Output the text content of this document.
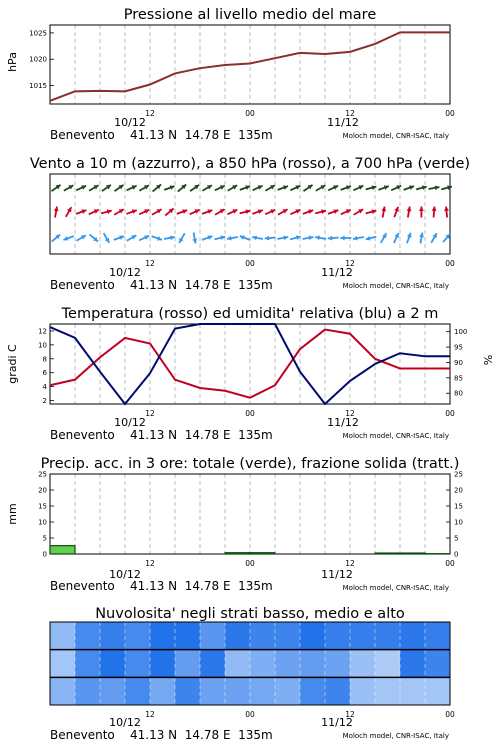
Pressione al livello medio del mare
Vento a 10 m (azzurro), a 850 hPa (rosso), a 700 hPa (verde)
Temperatura (rosso) ed umidita' relativa (blu) a 2 m
Precip. acc. in 3 ore: totale (verde), frazione solida (tratt.)
Nuvolosita' negli strati basso, medio e alto
hPa
gradi C	%
mm
10/12	11/12
Benevento    41.13 N  14.78 E  135m	Moloch model, CNR-ISAC, Italy
10/12	11/12
Benevento    41.13 N  14.78 E  135m	Moloch model, CNR-ISAC, Italy
10/12	11/12
Benevento    41.13 N  14.78 E  135m	Moloch model, CNR-ISAC, Italy
10/12	11/12
Benevento    41.13 N  14.78 E  135m	Moloch model, CNR-ISAC, Italy
10/12	11/12
Benevento    41.13 N  14.78 E  135m	Moloch model, CNR-ISAC, Italy
12	00	12	00
1015
1020
1025
12	00	12	00
12	00	12	00
2
4
6
8
10
12
80
85
90
95
100
12	00	12	00
0
5
10
15
20
25
0
5
10
15
20
25
12	00	12	00
